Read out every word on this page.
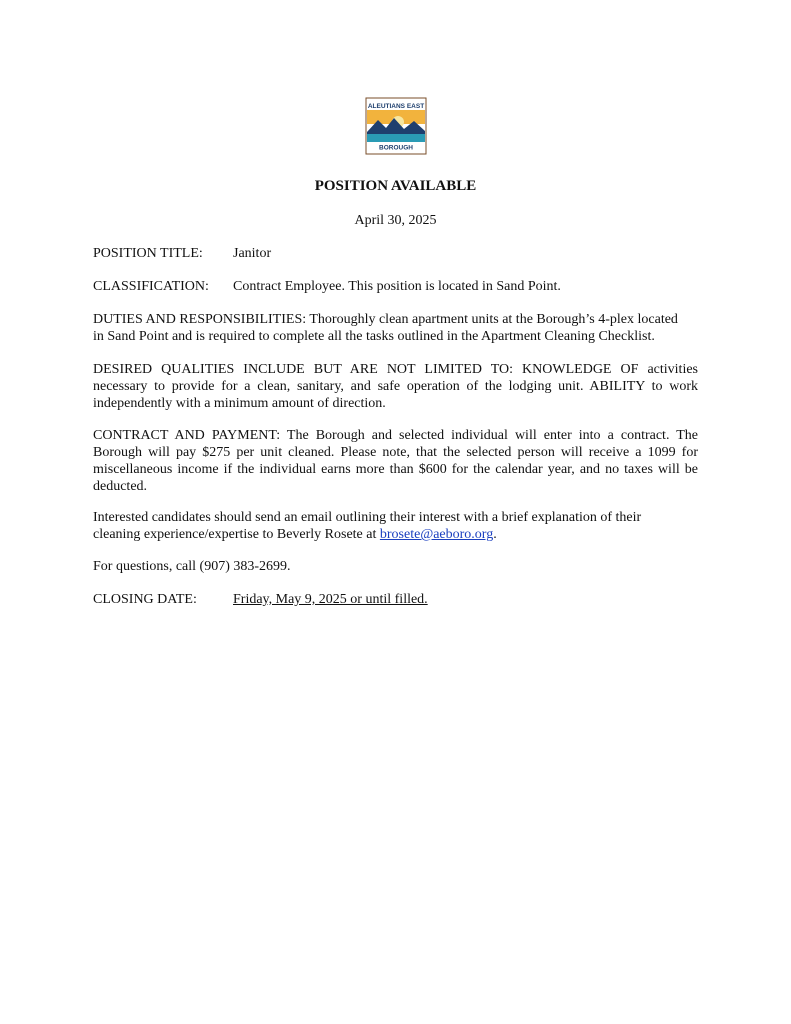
ALEUTIANS EAST
BOROUGH
POSITION AVAILABLE
April 30, 2025
POSITION TITLE: Janitor
CLASSIFICATION: Contract Employee. This position is located in Sand Point.
DUTIES AND RESPONSIBILITIES: Thoroughly clean apartment units at the Borough’s 4-plex located
in Sand Point and is required to complete all the tasks outlined in the Apartment Cleaning Checklist.
DESIRED QUALITIES INCLUDE BUT ARE NOT LIMITED TO: KNOWLEDGE OF activities necessary to provide for a clean, sanitary, and safe operation of the lodging unit. ABILITY to work independently with a minimum amount of direction.
CONTRACT AND PAYMENT: The Borough and selected individual will enter into a contract. The Borough will pay $275 per unit cleaned. Please note, that the selected person will receive a 1099 for miscellaneous income if the individual earns more than $600 for the calendar year, and no taxes will be deducted.
Interested candidates should send an email outlining their interest with a brief explanation of their
cleaning experience/expertise to Beverly Rosete at brosete@aeboro.org.
For questions, call (907) 383-2699.
CLOSING DATE:	Friday, May 9, 2025 or until filled.
